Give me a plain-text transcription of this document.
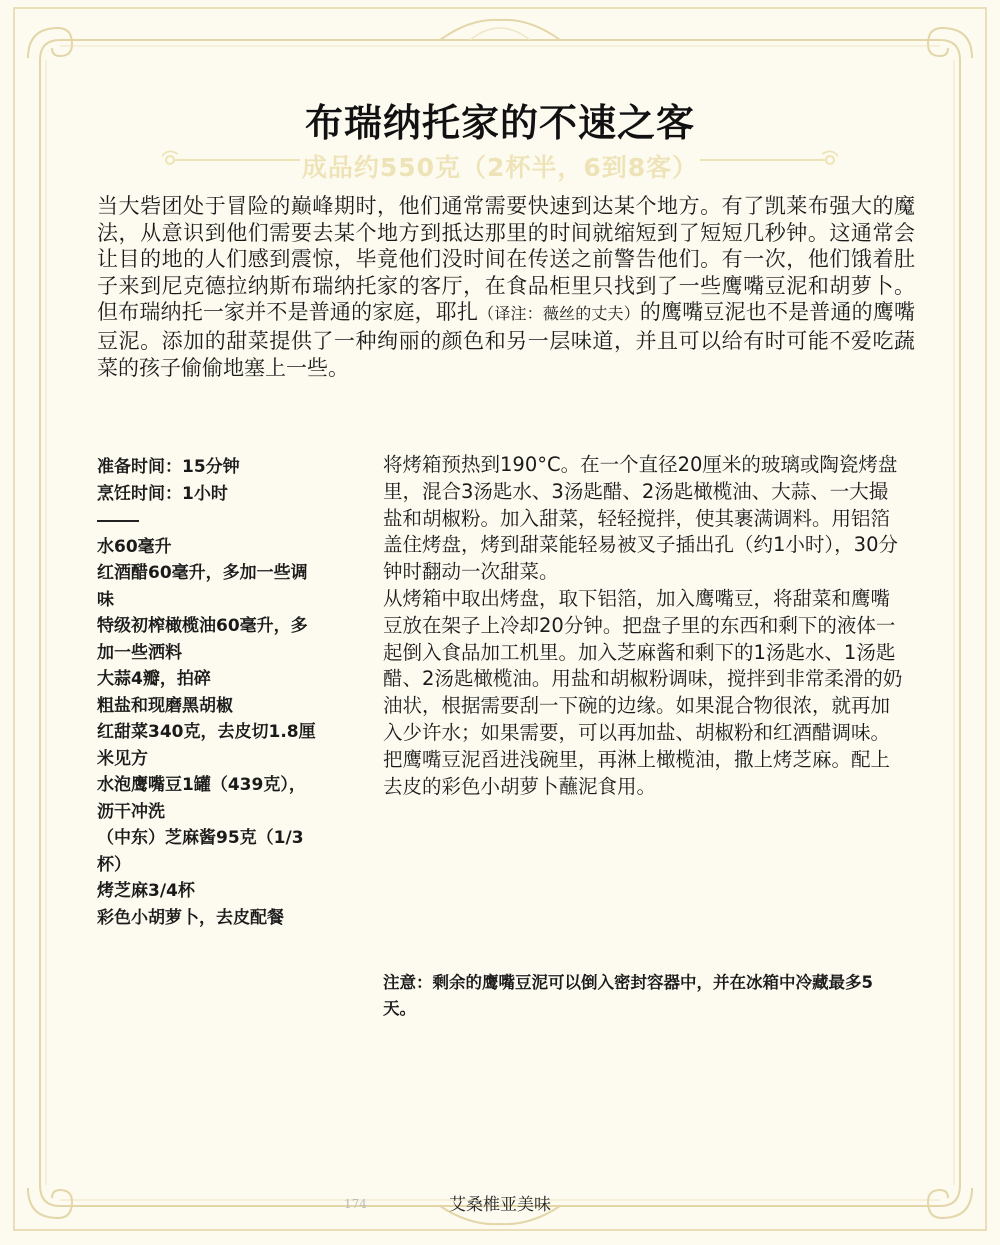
布瑞纳托家的不速之客
成品约550克（2杯半，6到8客）
当大砦团处于冒险的巅峰期时，他们通常需要快速到达某个地方。有了凯莱布强大的魔法，从意识到他们需要去某个地方到抵达那里的时间就缩短到了短短几秒钟。这通常会让目的地的人们感到震惊，毕竟他们没时间在传送之前警告他们。有一次，他们饿着肚子来到尼克德拉纳斯布瑞纳托家的客厅，在食品柜里只找到了一些鹰嘴豆泥和胡萝卜。但布瑞纳托一家并不是普通的家庭，耶扎（译注：薇丝的丈夫）的鹰嘴豆泥也不是普通的鹰嘴豆泥。添加的甜菜提供了一种绚丽的颜色和另一层味道，并且可以给有时可能不爱吃蔬菜的孩子偷偷地塞上一些。
准备时间：15分钟
烹饪时间：1小时
水60毫升
红酒醋60毫升，多加一些调味
特级初榨橄榄油60毫升，多加一些洒料
大蒜4瓣，拍碎
粗盐和现磨黑胡椒
红甜菜340克，去皮切1.8厘米见方
水泡鹰嘴豆1罐（439克），沥干冲洗
（中东）芝麻酱95克（1/3杯）
烤芝麻3/4杯
彩色小胡萝卜，去皮配餐

将烤箱预热到190°C。在一个直径20厘米的玻璃或陶瓷烤盘里，混合3汤匙水、3汤匙醋、2汤匙橄榄油、大蒜、一大撮盐和胡椒粉。加入甜菜，轻轻搅拌，使其裹满调料。用铝箔盖住烤盘，烤到甜菜能轻易被叉子插出孔（约1小时），30分钟时翻动一次甜菜。

从烤箱中取出烤盘，取下铝箔，加入鹰嘴豆，将甜菜和鹰嘴豆放在架子上冷却20分钟。把盘子里的东西和剩下的液体一起倒入食品加工机里。加入芝麻酱和剩下的1汤匙水、1汤匙醋、2汤匙橄榄油。用盐和胡椒粉调味，搅拌到非常柔滑的奶油状，根据需要刮一下碗的边缘。如果混合物很浓，就再加入少许水；如果需要，可以再加盐、胡椒粉和红酒醋调味。

把鹰嘴豆泥舀进浅碗里，再淋上橄榄油，撒上烤芝麻。配上去皮的彩色小胡萝卜蘸泥食用。

注意：剩余的鹰嘴豆泥可以倒入密封容器中，并在冰箱中冷藏最多5天。
174	艾桑椎亚美味
